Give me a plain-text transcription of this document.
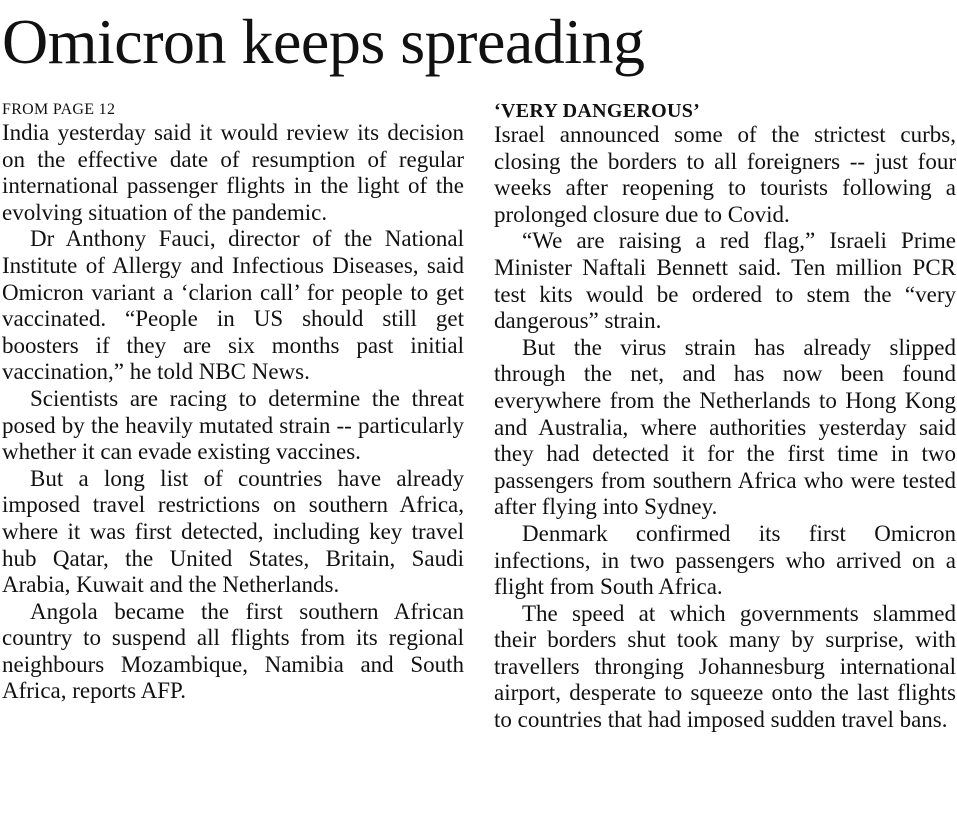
Omicron keeps spreading
FROM PAGE 12

India yesterday said it would review its decision on the effective date of resumption of regular international passenger flights in the light of the evolving situation of the pandemic.

Dr Anthony Fauci, director of the National Institute of Allergy and Infectious Diseases, said Omicron variant a ‘clarion call’ for people to get vaccinated. “People in US should still get boosters if they are six months past initial vaccination,” he told NBC News.

Scientists are racing to determine the threat posed by the heavily mutated strain -- particularly whether it can evade existing vaccines.

But a long list of countries have already imposed travel restrictions on southern Africa, where it was first detected, including key travel hub Qatar, the United States, Britain, Saudi Arabia, Kuwait and the Netherlands.

Angola became the first southern African country to suspend all flights from its regional neighbours Mozambique, Namibia and South Africa, reports AFP.

‘VERY DANGEROUS’

Israel announced some of the strictest curbs, closing the borders to all foreigners -- just four weeks after reopening to tourists following a prolonged closure due to Covid.

“We are raising a red flag,” Israeli Prime Minister Naftali Bennett said. Ten million PCR test kits would be ordered to stem the “very dangerous” strain.

But the virus strain has already slipped through the net, and has now been found everywhere from the Netherlands to Hong Kong and Australia, where authorities yesterday said they had detected it for the first time in two passengers from southern Africa who were tested after flying into Sydney.

Denmark confirmed its first Omicron infections, in two passengers who arrived on a flight from South Africa.

The speed at which governments slammed their borders shut took many by surprise, with travellers thronging Johannesburg international airport, desperate to squeeze onto the last flights to countries that had imposed sudden travel bans.
